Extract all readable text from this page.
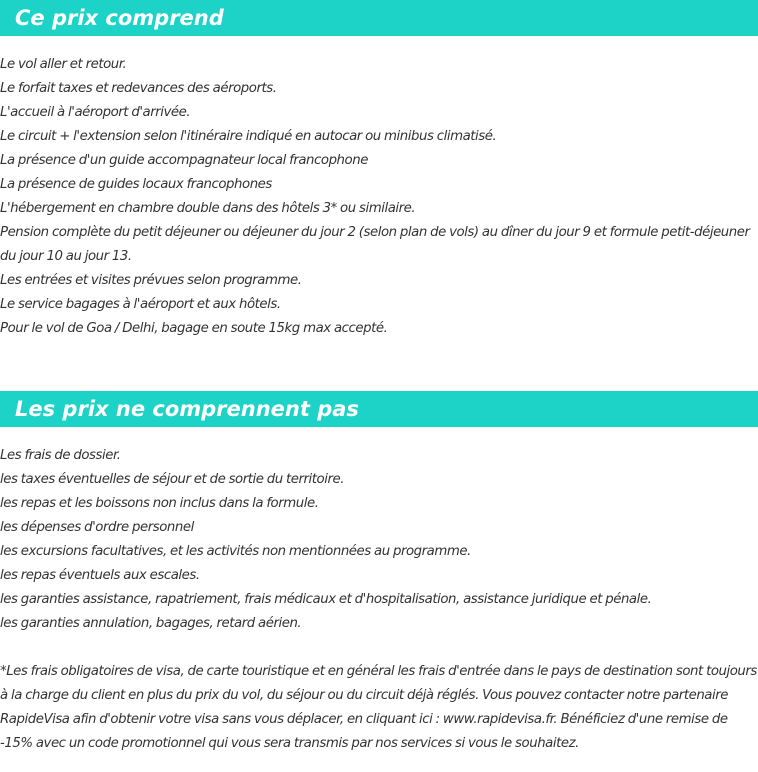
Ce prix comprend
Le vol aller et retour.
Le forfait taxes et redevances des aéroports.
L'accueil à l'aéroport d'arrivée.
Le circuit + l'extension selon l'itinéraire indiqué en autocar ou minibus climatisé.
La présence d'un guide accompagnateur local francophone
La présence de guides locaux francophones
L'hébergement en chambre double dans des hôtels 3* ou similaire.
Pension complète du petit déjeuner ou déjeuner du jour 2 (selon plan de vols) au dîner du jour 9 et formule petit-déjeuner du jour 10 au jour 13.
Les entrées et visites prévues selon programme.
Le service bagages à l'aéroport et aux hôtels.
Pour le vol de Goa / Delhi, bagage en soute 15kg max accepté.
Les prix ne comprennent pas
Les frais de dossier.
les taxes éventuelles de séjour et de sortie du territoire.
les repas et les boissons non inclus dans la formule.
les dépenses d'ordre personnel
les excursions facultatives, et les activités non mentionnées au programme.
les repas éventuels aux escales.
les garanties assistance, rapatriement, frais médicaux et d'hospitalisation, assistance juridique et pénale.
les garanties annulation, bagages, retard aérien.

*Les frais obligatoires de visa, de carte touristique et en général les frais d'entrée dans le pays de destination sont toujours à la charge du client en plus du prix du vol, du séjour ou du circuit déjà réglés. Vous pouvez contacter notre partenaire RapideVisa afin d'obtenir votre visa sans vous déplacer, en cliquant ici : www.rapidevisa.fr. Bénéficiez d'une remise de -15% avec un code promotionnel qui vous sera transmis par nos services si vous le souhaitez.
